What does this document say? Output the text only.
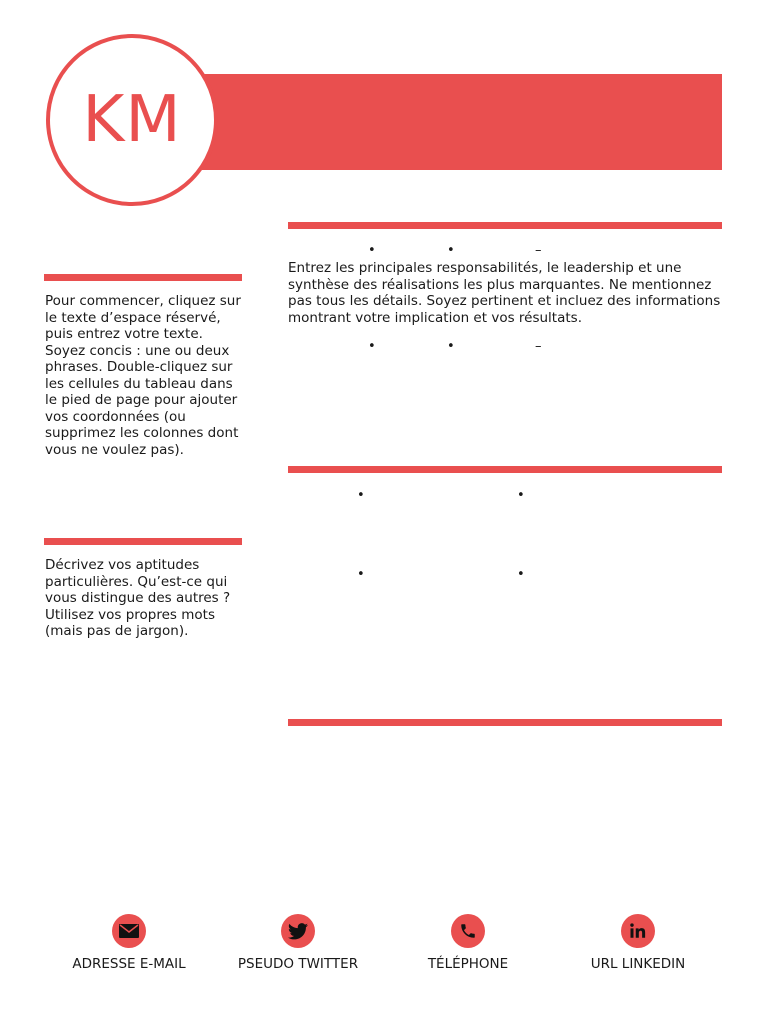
KM
Pour commencer, cliquez sur le texte d’espace réservé, puis entrez votre texte. Soyez concis : une ou deux phrases. Double-cliquez sur les cellules du tableau dans le pied de page pour ajouter vos coordonnées (ou supprimez les colonnes dont vous ne voulez pas).
Décrivez vos aptitudes particulières. Qu’est-ce qui vous distingue des autres ? Utilisez vos propres mots (mais pas de jargon).
•	•	–
Entrez les principales responsabilités, le leadership et une synthèse des réalisations les plus marquantes. Ne mentionnez pas tous les détails. Soyez pertinent et incluez des informations montrant votre implication et vos résultats.
•	•	–
•	•
•	•
ADRESSE E-MAIL	PSEUDO TWITTER	TÉLÉPHONE	URL LINKEDIN
